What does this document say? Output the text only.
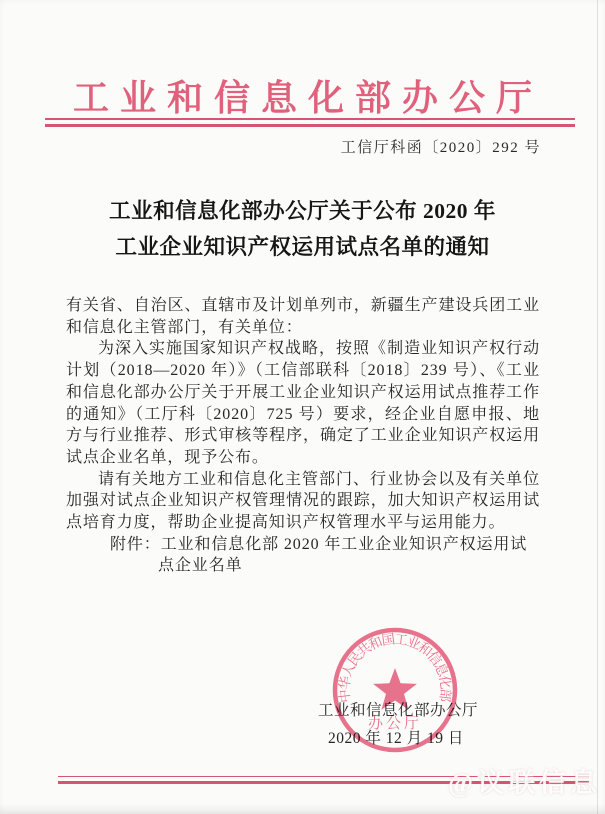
工业和信息化部办公厅
工信厅科函〔2020〕292 号
工业和信息化部办公厅关于公布 2020 年
工业企业知识产权运用试点名单的通知

有关省、自治区、直辖市及计划单列市，新疆生产建设兵团工业和信息化主管部门，有关单位：

为深入实施国家知识产权战略，按照《制造业知识产权行动计划（2018—2020 年）》（工信部联科〔2018〕239 号）、《工业和信息化部办公厅关于开展工业企业知识产权运用试点推荐工作的通知》（工厅科〔2020〕725 号）要求，经企业自愿申报、地方与行业推荐、形式审核等程序，确定了工业企业知识产权运用试点企业名单，现予公布。

请有关地方工业和信息化主管部门、行业协会以及有关单位加强对试点企业知识产权管理情况的跟踪，加大知识产权运用试点培育力度，帮助企业提高知识产权管理水平与运用能力。

附件：工业和信息化部 2020 年工业企业知识产权运用试点企业名单

工业和信息化部办公厅
2020 年 12 月 19 日
中华人民共和国工业和信息化部
办公厅
@议联信息
